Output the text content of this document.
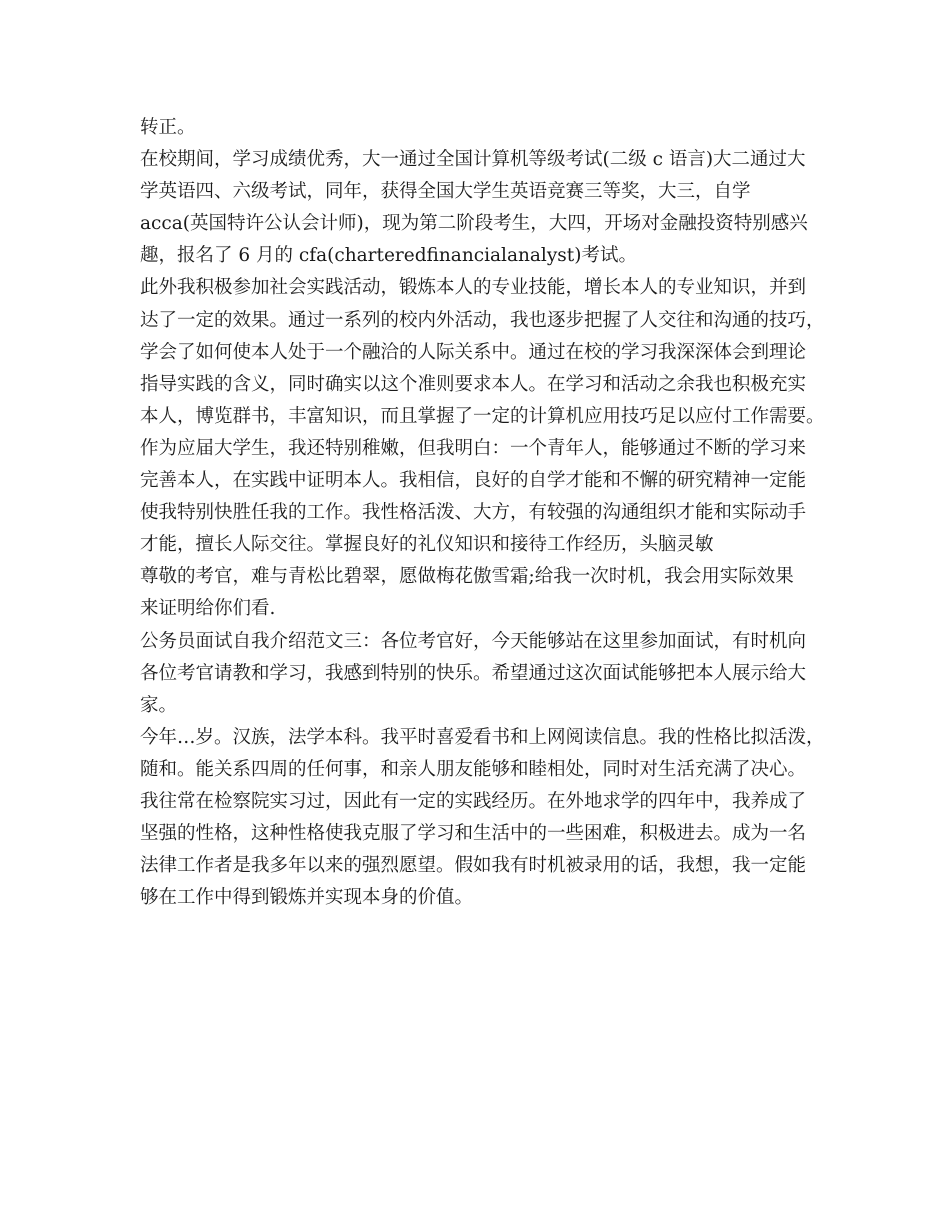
转正。
在校期间，学习成绩优秀，大一通过全国计算机等级考试(二级 c 语言)大二通过大
学英语四、六级考试，同年，获得全国大学生英语竞赛三等奖，大三，自学
acca(英国特许公认会计师)，现为第二阶段考生，大四，开场对金融投资特别感兴
趣，报名了 6 月的 cfa(charteredfinancialanalyst)考试。
此外我积极参加社会实践活动，锻炼本人的专业技能，增长本人的专业知识，并到
达了一定的效果。通过一系列的校内外活动，我也逐步把握了人交往和沟通的技巧，
学会了如何使本人处于一个融洽的人际关系中。通过在校的学习我深深体会到理论
指导实践的含义，同时确实以这个准则要求本人。在学习和活动之余我也积极充实
本人，博览群书，丰富知识，而且掌握了一定的计算机应用技巧足以应付工作需要。
作为应届大学生，我还特别稚嫩，但我明白：一个青年人，能够通过不断的学习来
完善本人，在实践中证明本人。我相信，良好的自学才能和不懈的研究精神一定能
使我特别快胜任我的工作。我性格活泼、大方，有较强的沟通组织才能和实际动手
才能，擅长人际交往。掌握良好的礼仪知识和接待工作经历，头脑灵敏
尊敬的考官，难与青松比碧翠，愿做梅花傲雪霜;给我一次时机，我会用实际效果
来证明给你们看.
公务员面试自我介绍范文三：各位考官好，今天能够站在这里参加面试，有时机向
各位考官请教和学习，我感到特别的快乐。希望通过这次面试能够把本人展示给大
家。
今年…岁。汉族，法学本科。我平时喜爱看书和上网阅读信息。我的性格比拟活泼，
随和。能关系四周的任何事，和亲人朋友能够和睦相处，同时对生活充满了决心。
我往常在检察院实习过，因此有一定的实践经历。在外地求学的四年中，我养成了
坚强的性格，这种性格使我克服了学习和生活中的一些困难，积极进去。成为一名
法律工作者是我多年以来的强烈愿望。假如我有时机被录用的话，我想，我一定能
够在工作中得到锻炼并实现本身的价值。
